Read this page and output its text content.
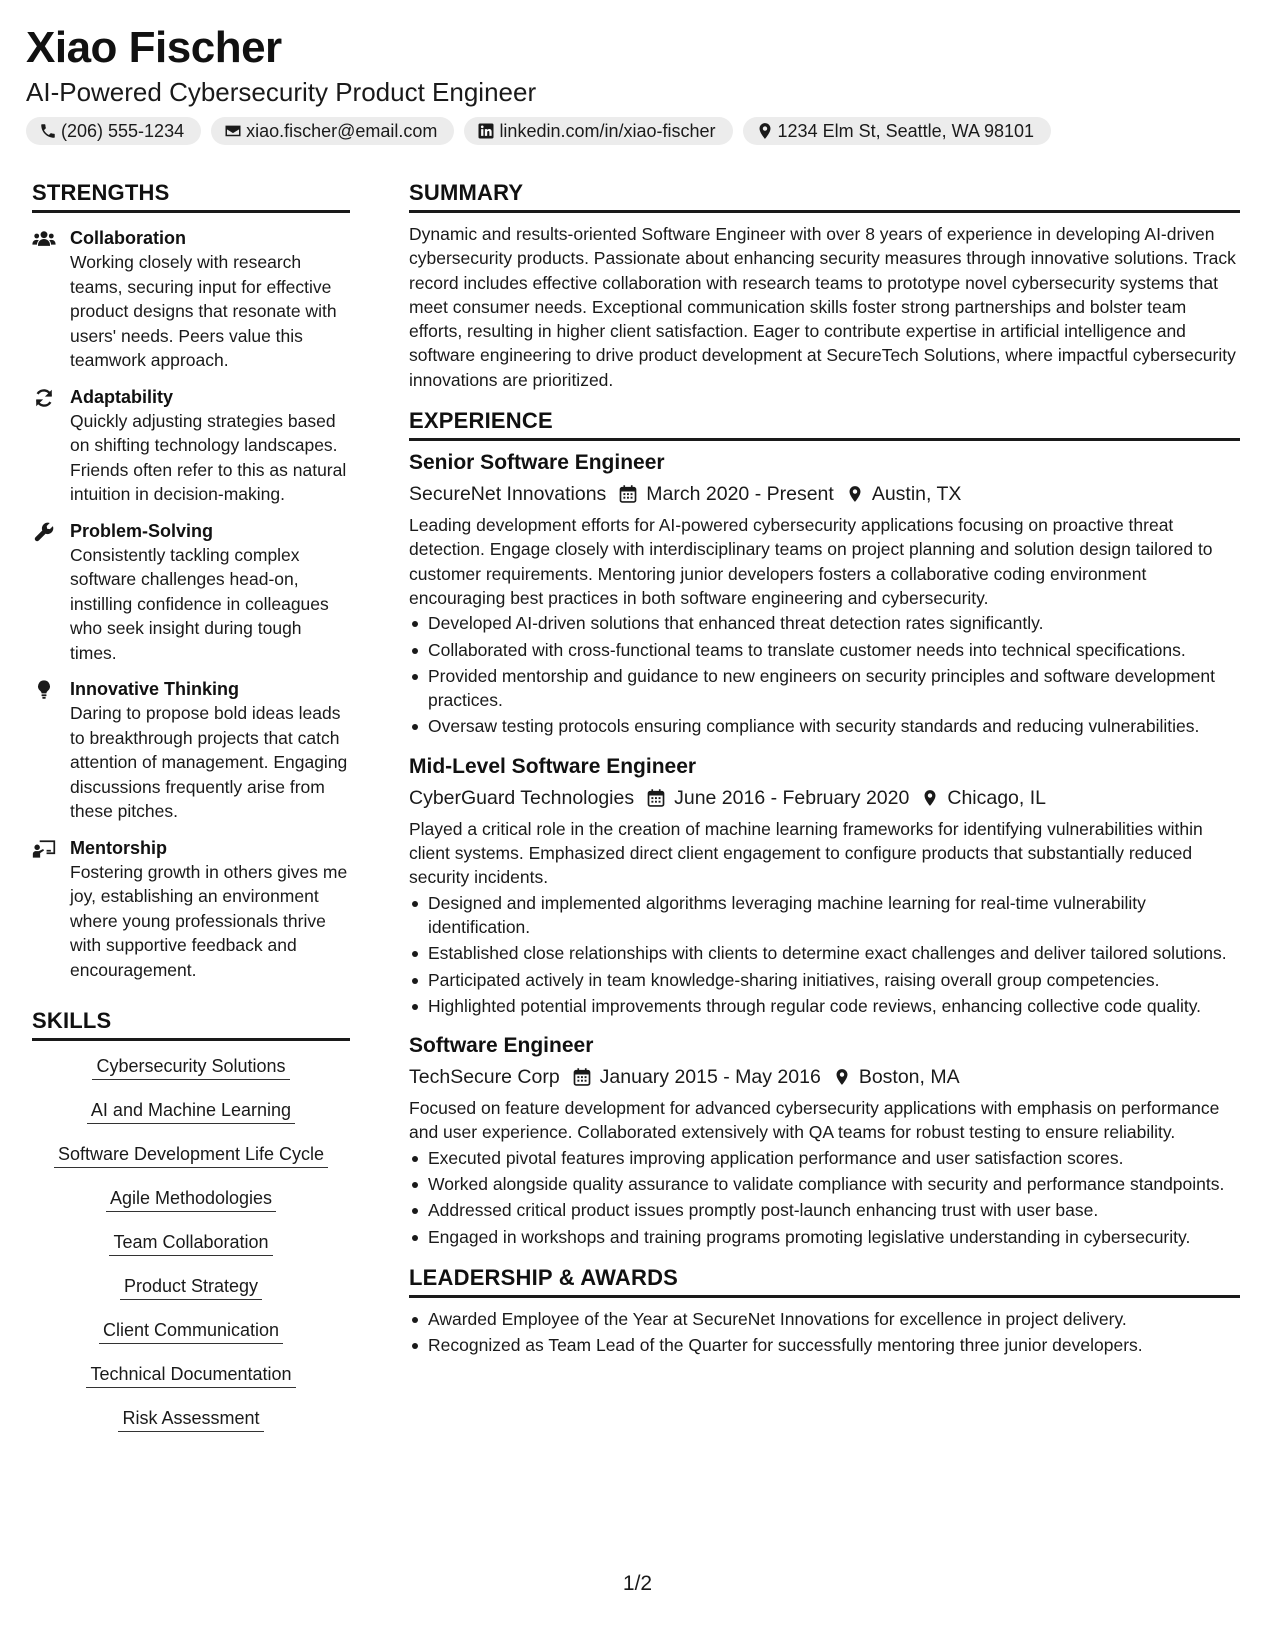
Xiao Fischer
AI-Powered Cybersecurity Product Engineer
(206) 555-1234	xiao.fischer@email.com	linkedin.com/in/xiao-fischer	1234 Elm St, Seattle, WA 98101
STRENGTHS
Collaboration
Working closely with research teams, securing input for effective product designs that resonate with users' needs. Peers value this teamwork approach.
Adaptability
Quickly adjusting strategies based on shifting technology landscapes. Friends often refer to this as natural intuition in decision-making.
Problem-Solving
Consistently tackling complex software challenges head-on, instilling confidence in colleagues who seek insight during tough times.
Innovative Thinking
Daring to propose bold ideas leads to breakthrough projects that catch attention of management. Engaging discussions frequently arise from these pitches.
Mentorship
Fostering growth in others gives me joy, establishing an environment where young professionals thrive with supportive feedback and encouragement.
SKILLS
Cybersecurity Solutions
AI and Machine Learning
Software Development Life Cycle
Agile Methodologies
Team Collaboration
Product Strategy
Client Communication
Technical Documentation
Risk Assessment
SUMMARY
Dynamic and results-oriented Software Engineer with over 8 years of experience in developing AI-driven cybersecurity products. Passionate about enhancing security measures through innovative solutions. Track record includes effective collaboration with research teams to prototype novel cybersecurity systems that meet consumer needs. Exceptional communication skills foster strong partnerships and bolster team efforts, resulting in higher client satisfaction. Eager to contribute expertise in artificial intelligence and software engineering to drive product development at SecureTech Solutions, where impactful cybersecurity innovations are prioritized.
EXPERIENCE
Senior Software Engineer
SecureNet Innovations March 2020 - Present Austin, TX
Leading development efforts for AI-powered cybersecurity applications focusing on proactive threat detection. Engage closely with interdisciplinary teams on project planning and solution design tailored to customer requirements. Mentoring junior developers fosters a collaborative coding environment encouraging best practices in both software engineering and cybersecurity.
Developed AI-driven solutions that enhanced threat detection rates significantly.
Collaborated with cross-functional teams to translate customer needs into technical specifications.
Provided mentorship and guidance to new engineers on security principles and software development practices.
Oversaw testing protocols ensuring compliance with security standards and reducing vulnerabilities.
Mid-Level Software Engineer
CyberGuard Technologies June 2016 - February 2020 Chicago, IL
Played a critical role in the creation of machine learning frameworks for identifying vulnerabilities within client systems. Emphasized direct client engagement to configure products that substantially reduced security incidents.
Designed and implemented algorithms leveraging machine learning for real-time vulnerability identification.
Established close relationships with clients to determine exact challenges and deliver tailored solutions.
Participated actively in team knowledge-sharing initiatives, raising overall group competencies.
Highlighted potential improvements through regular code reviews, enhancing collective code quality.
Software Engineer
TechSecure Corp January 2015 - May 2016 Boston, MA
Focused on feature development for advanced cybersecurity applications with emphasis on performance and user experience. Collaborated extensively with QA teams for robust testing to ensure reliability.
Executed pivotal features improving application performance and user satisfaction scores.
Worked alongside quality assurance to validate compliance with security and performance standpoints.
Addressed critical product issues promptly post-launch enhancing trust with user base.
Engaged in workshops and training programs promoting legislative understanding in cybersecurity.
LEADERSHIP & AWARDS
Awarded Employee of the Year at SecureNet Innovations for excellence in project delivery.
Recognized as Team Lead of the Quarter for successfully mentoring three junior developers.
1/2
